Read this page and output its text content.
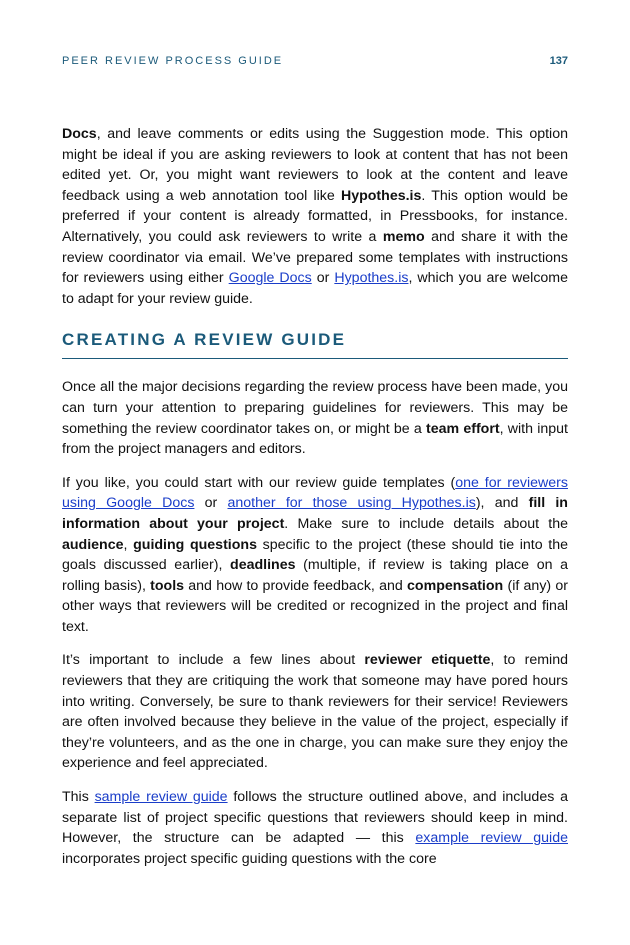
PEER REVIEW PROCESS GUIDE	137

Docs, and leave comments or edits using the Suggestion mode. This option might be ideal if you are asking reviewers to look at content that has not been edited yet. Or, you might want reviewers to look at the content and leave feedback using a web annotation tool like Hypothes.is. This option would be preferred if your content is already formatted, in Pressbooks, for instance. Alternatively, you could ask reviewers to write a memo and share it with the review coordinator via email. We’ve prepared some templates with instructions for reviewers using either Google Docs or Hypothes.is, which you are welcome to adapt for your review guide.

CREATING A REVIEW GUIDE

Once all the major decisions regarding the review process have been made, you can turn your attention to preparing guidelines for reviewers. This may be something the review coordinator takes on, or might be a team effort, with input from the project managers and editors.

If you like, you could start with our review guide templates (one for reviewers using Google Docs or another for those using Hypothes.is), and fill in information about your project. Make sure to include details about the audience, guiding questions specific to the project (these should tie into the goals discussed earlier), deadlines (multiple, if review is taking place on a rolling basis), tools and how to provide feedback, and compensation (if any) or other ways that reviewers will be credited or recognized in the project and final text.

It’s important to include a few lines about reviewer etiquette, to remind reviewers that they are critiquing the work that someone may have pored hours into writing. Conversely, be sure to thank reviewers for their service! Reviewers are often involved because they believe in the value of the project, especially if they’re volunteers, and as the one in charge, you can make sure they enjoy the experience and feel appreciated.

This sample review guide follows the structure outlined above, and includes a separate list of project specific questions that reviewers should keep in mind. However, the structure can be adapted — this example review guide incorporates project specific guiding questions with the core
